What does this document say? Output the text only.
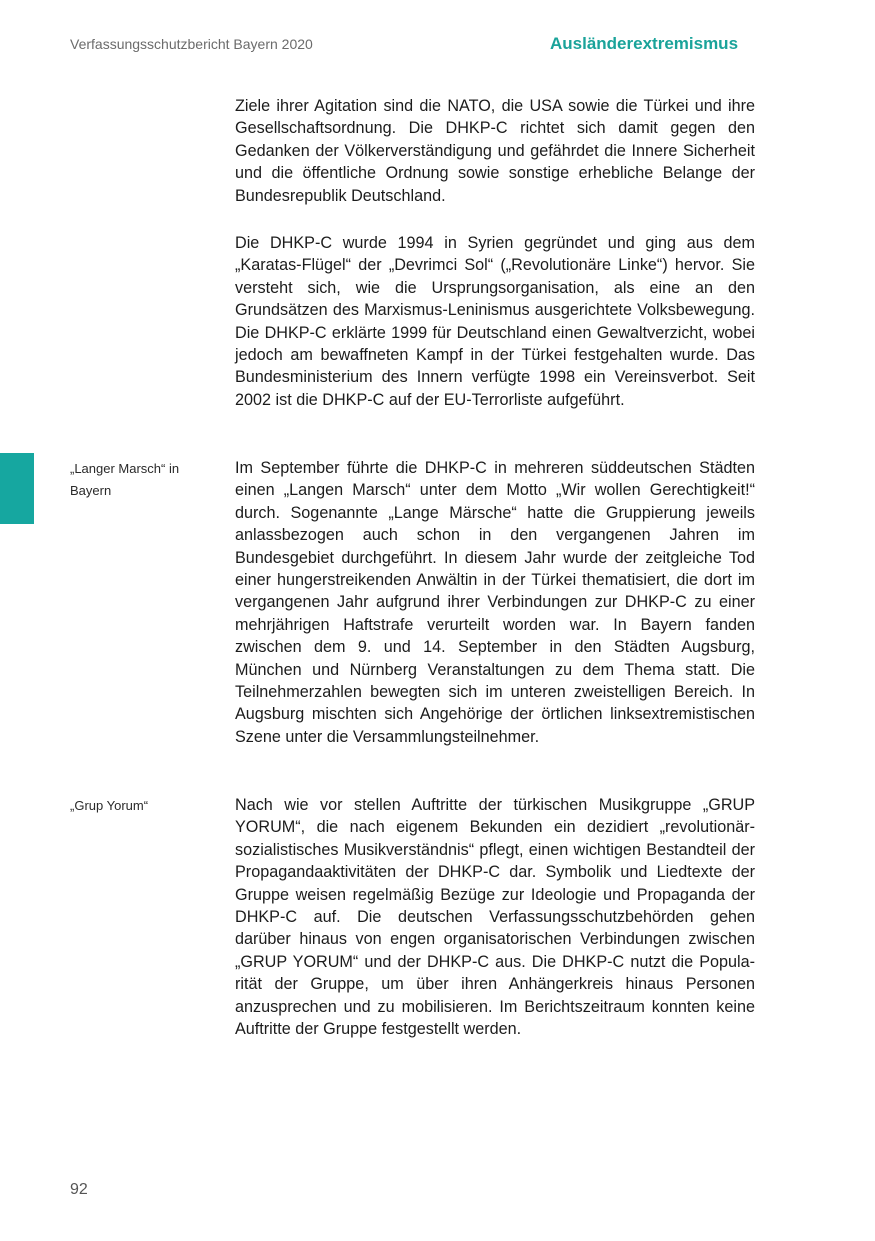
Verfassungsschutzbericht Bayern 2020	Ausländerextremismus

Ziele ihrer Agitation sind die NATO, die USA sowie die Türkei und ihre Gesellschaftsordnung. Die DHKP-C richtet sich damit gegen den Gedanken der Völkerverständigung und gefährdet die Innere Sicherheit und die öffentliche Ordnung sowie sonstige erhebliche Belange der Bundesrepublik Deutschland.

Die DHKP-C wurde 1994 in Syrien gegründet und ging aus dem „Karatas-Flügel“ der „Devrimci Sol“ („Revolutionäre Linke“) hervor. Sie versteht sich, wie die Ursprungsorganisation, als eine an den Grundsätzen des Marxismus-Leninismus ausgerichtete Volksbewegung. Die DHKP-C erklärte 1999 für Deutschland einen Gewaltverzicht, wobei jedoch am bewaffneten Kampf in der Türkei festgehalten wurde. Das Bundesministerium des Innern verfügte 1998 ein Vereinsverbot. Seit 2002 ist die DHKP-C auf der EU-Terrorliste aufgeführt.

„Langer Marsch“ in Bayern

Im September führte die DHKP-C in mehreren süddeutschen Städten einen „Langen Marsch“ unter dem Motto „Wir wollen Gerechtigkeit!“ durch. Sogenannte „Lange Märsche“ hatte die Gruppierung jeweils anlassbezogen auch schon in den vergangenen Jahren im Bundesgebiet durchgeführt. In diesem Jahr wurde der zeitgleiche Tod einer hungerstreikenden Anwältin in der Türkei thematisiert, die dort im vergangenen Jahr aufgrund ihrer Verbindungen zur DHKP-C zu einer mehrjährigen Haftstrafe verurteilt worden war. In Bayern fanden zwischen dem 9. und 14. September in den Städten Augsburg, München und Nürnberg Veranstaltungen zu dem Thema statt. Die Teilnehmerzahlen bewegten sich im unteren zweistelligen Bereich. In Augsburg mischten sich Angehörige der örtlichen linksextremistischen Szene unter die Versammlungsteilnehmer.

„Grup Yorum“	Nach wie vor stellen Auftritte der türkischen Musikgruppe „GRUP YORUM“, die nach eigenem Bekunden ein dezidiert „revolutionär-sozialistisches Musikverständnis“ pflegt, einen wichtigen Bestandteil der Propagandaaktivitäten der DHKP-C dar. Symbolik und Liedtexte der Gruppe weisen regelmäßig Bezüge zur Ideologie und Propaganda der DHKP-C auf. Die deutschen Verfassungsschutzbehörden gehen darüber hinaus von engen organisatorischen Verbindungen zwischen „GRUP YORUM“ und der DHKP-C aus. Die DHKP-C nutzt die Popularität der Gruppe, um über ihren Anhängerkreis hinaus Personen anzusprechen und zu mobilisieren. Im Berichtszeitraum konnten keine Auftritte der Gruppe festgestellt werden.

92
